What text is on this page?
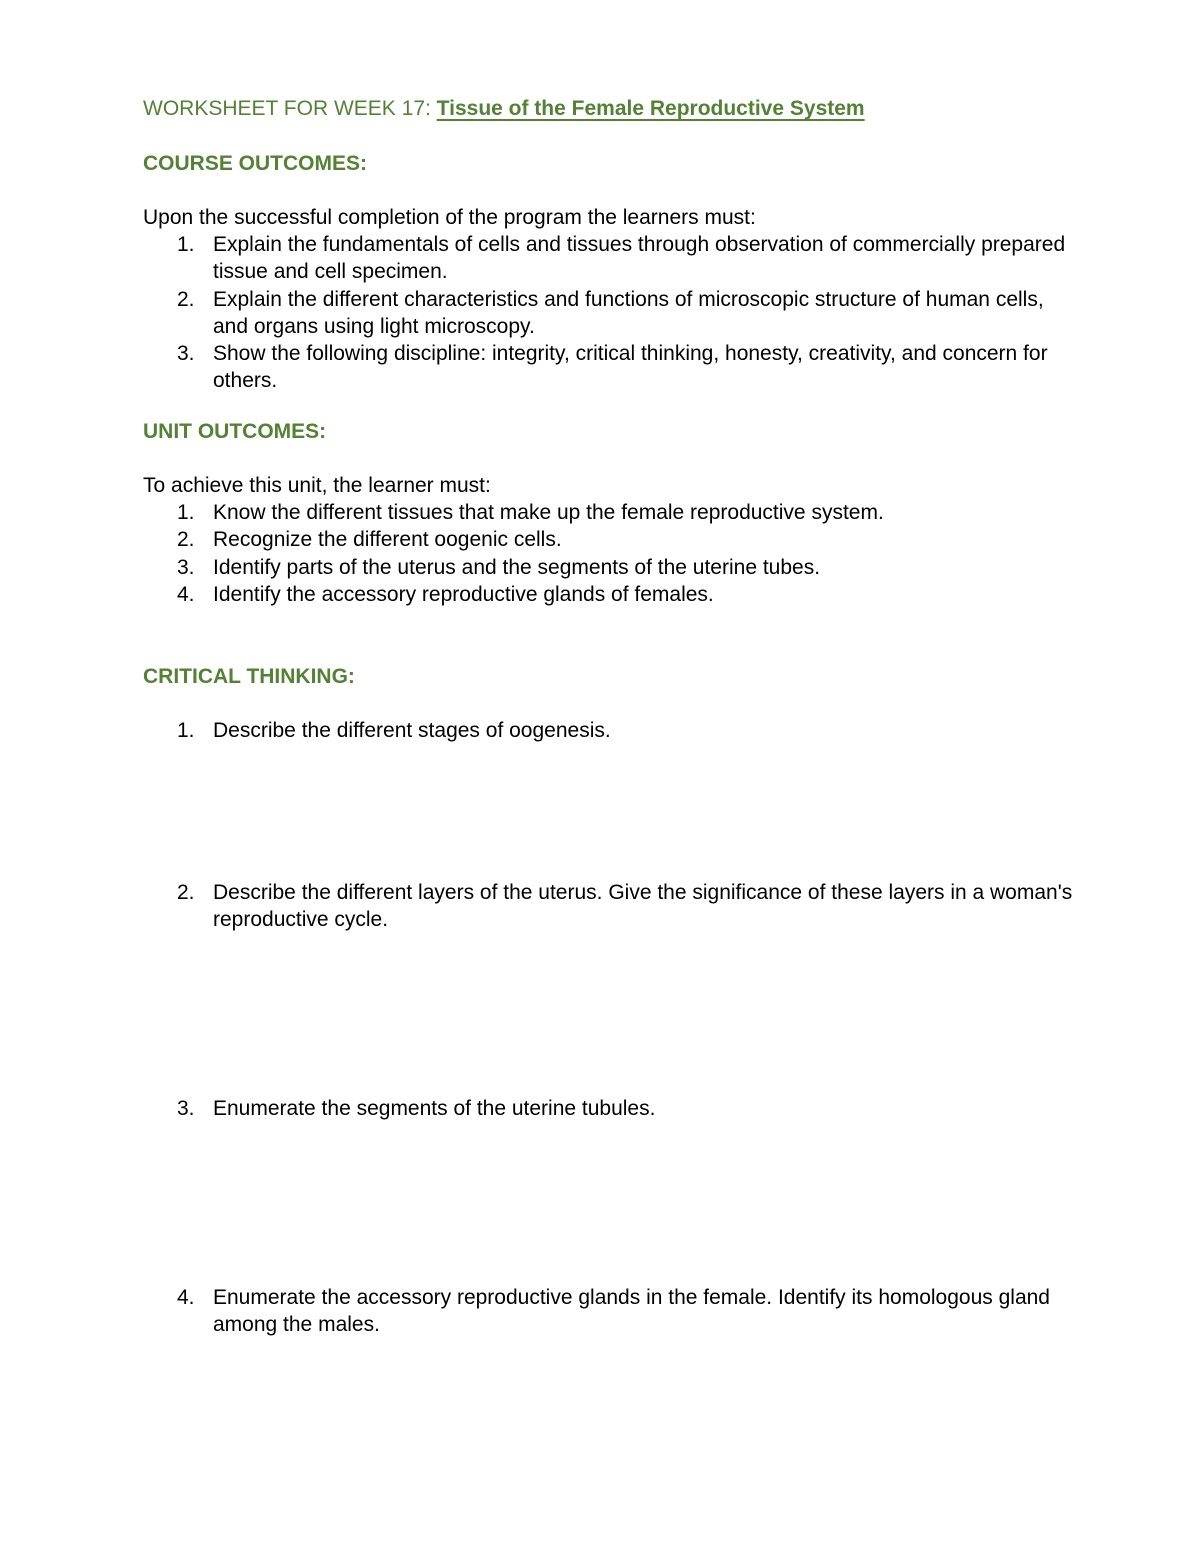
WORKSHEET FOR WEEK 17: Tissue of the Female Reproductive System
COURSE OUTCOMES:
Upon the successful completion of the program the learners must:
1. Explain the fundamentals of cells and tissues through observation of commercially prepared tissue and cell specimen.
2. Explain the different characteristics and functions of microscopic structure of human cells, and organs using light microscopy.
3. Show the following discipline: integrity, critical thinking, honesty, creativity, and concern for others.
UNIT OUTCOMES:
To achieve this unit, the learner must:
1. Know the different tissues that make up the female reproductive system.
2. Recognize the different oogenic cells.
3. Identify parts of the uterus and the segments of the uterine tubes.
4. Identify the accessory reproductive glands of females.
CRITICAL THINKING:
1. Describe the different stages of oogenesis.
2. Describe the different layers of the uterus. Give the significance of these layers in a woman's reproductive cycle.
3. Enumerate the segments of the uterine tubules.
4. Enumerate the accessory reproductive glands in the female. Identify its homologous gland among the males.
